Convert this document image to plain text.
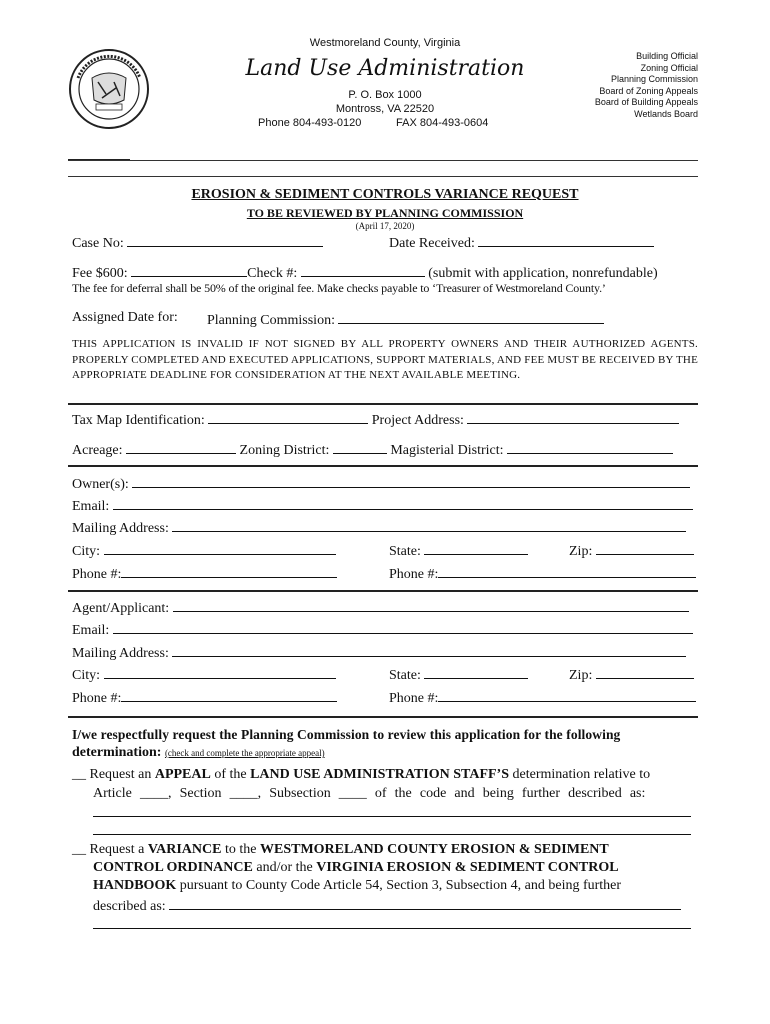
Westmoreland County, Virginia
Land Use Administration
P. O. Box 1000
Montross, VA 22520
Phone 804-493-0120	FAX 804-493-0604
Building Official
Zoning Official
Planning Commission
Board of Zoning Appeals
Board of Building Appeals
Wetlands Board
EROSION & SEDIMENT CONTROLS VARIANCE REQUEST
TO BE REVIEWED BY PLANNING COMMISSION
(April 17, 2020)
Case No:	Date Received:
Fee $600:	Check #:	(submit with application, nonrefundable)
The fee for deferral shall be 50% of the original fee. Make checks payable to ‘Treasurer of Westmoreland County.’
Assigned Date for: Planning Commission:
THIS APPLICATION IS INVALID IF NOT SIGNED BY ALL PROPERTY OWNERS AND THEIR AUTHORIZED AGENTS. PROPERLY COMPLETED AND EXECUTED APPLICATIONS, SUPPORT MATERIALS, AND FEE MUST BE RECEIVED BY THE APPROPRIATE DEADLINE FOR CONSIDERATION AT THE NEXT AVAILABLE MEETING.
Tax Map Identification:	Project Address:
Acreage:	Zoning District:	Magisterial District:
Owner(s):
Email:
Mailing Address:
City:	State:	Zip:
Phone #:	Phone #:
Agent/Applicant:
Email:
Mailing Address:
City:	State:	Zip:
Phone #:	Phone #:
I/we respectfully request the Planning Commission to review this application for the following
determination: (check and complete the appropriate appeal)
__ Request an APPEAL of the LAND USE ADMINISTRATION STAFF’S determination relative to
Article ____, Section ____, Subsection ____ of the code and being further described as:
__ Request a VARIANCE to the WESTMORELAND COUNTY EROSION & SEDIMENT
CONTROL ORDINANCE and/or the VIRGINIA EROSION & SEDIMENT CONTROL
HANDBOOK pursuant to County Code Article 54, Section 3, Subsection 4, and being further
described as:
